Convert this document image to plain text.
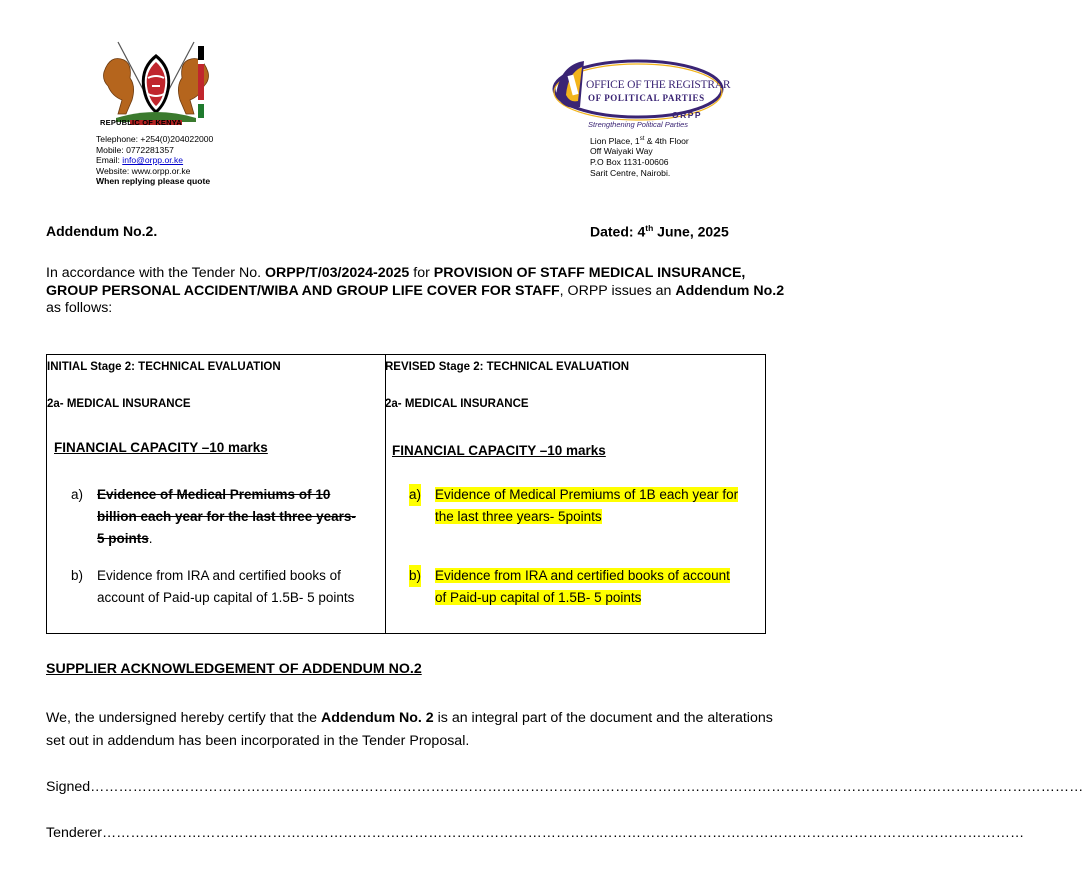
REPUBLIC OF KENYA
Telephone: +254(0)204022000
Mobile: 0772281357
Email: info@orpp.or.ke
Website: www.orpp.or.ke
When replying please quote
OFFICE OF THE REGISTRAR
OF POLITICAL PARTIES
ORPP
Strengthening Political Parties
Lion Place, 1st & 4th Floor
Off Waiyaki Way
P.O Box 1131-00606
Sarit Centre, Nairobi.
Addendum No.2.	Dated: 4th June, 2025
In accordance with the Tender No. ORPP/T/03/2024-2025 for PROVISION OF STAFF MEDICAL INSURANCE, GROUP PERSONAL ACCIDENT/WIBA AND GROUP LIFE COVER FOR STAFF, ORPP issues an Addendum No.2 as follows:
INITIAL Stage 2: TECHNICAL EVALUATION
2a- MEDICAL INSURANCE
FINANCIAL CAPACITY –10 marks
a) Evidence of Medical Premiums of 10
billion each year for the last three years-
5 points.
b) Evidence from IRA and certified books of
account of Paid-up capital of 1.5B- 5 points
REVISED Stage 2: TECHNICAL EVALUATION
2a- MEDICAL INSURANCE
FINANCIAL CAPACITY –10 marks
a) Evidence of Medical Premiums of 1B each year for
the last three years- 5points
b) Evidence from IRA and certified books of account
of Paid-up capital of 1.5B- 5 points
SUPPLIER ACKNOWLEDGEMENT OF ADDENDUM NO.2
We, the undersigned hereby certify that the Addendum No. 2 is an integral part of the document and the alterations set out in addendum has been incorporated in the Tender Proposal.
Signed…………………………………………………………………………………………………………………………………………………………………………………………
Tenderer……………………………………………………………………………………………………………………………………………………………………………
